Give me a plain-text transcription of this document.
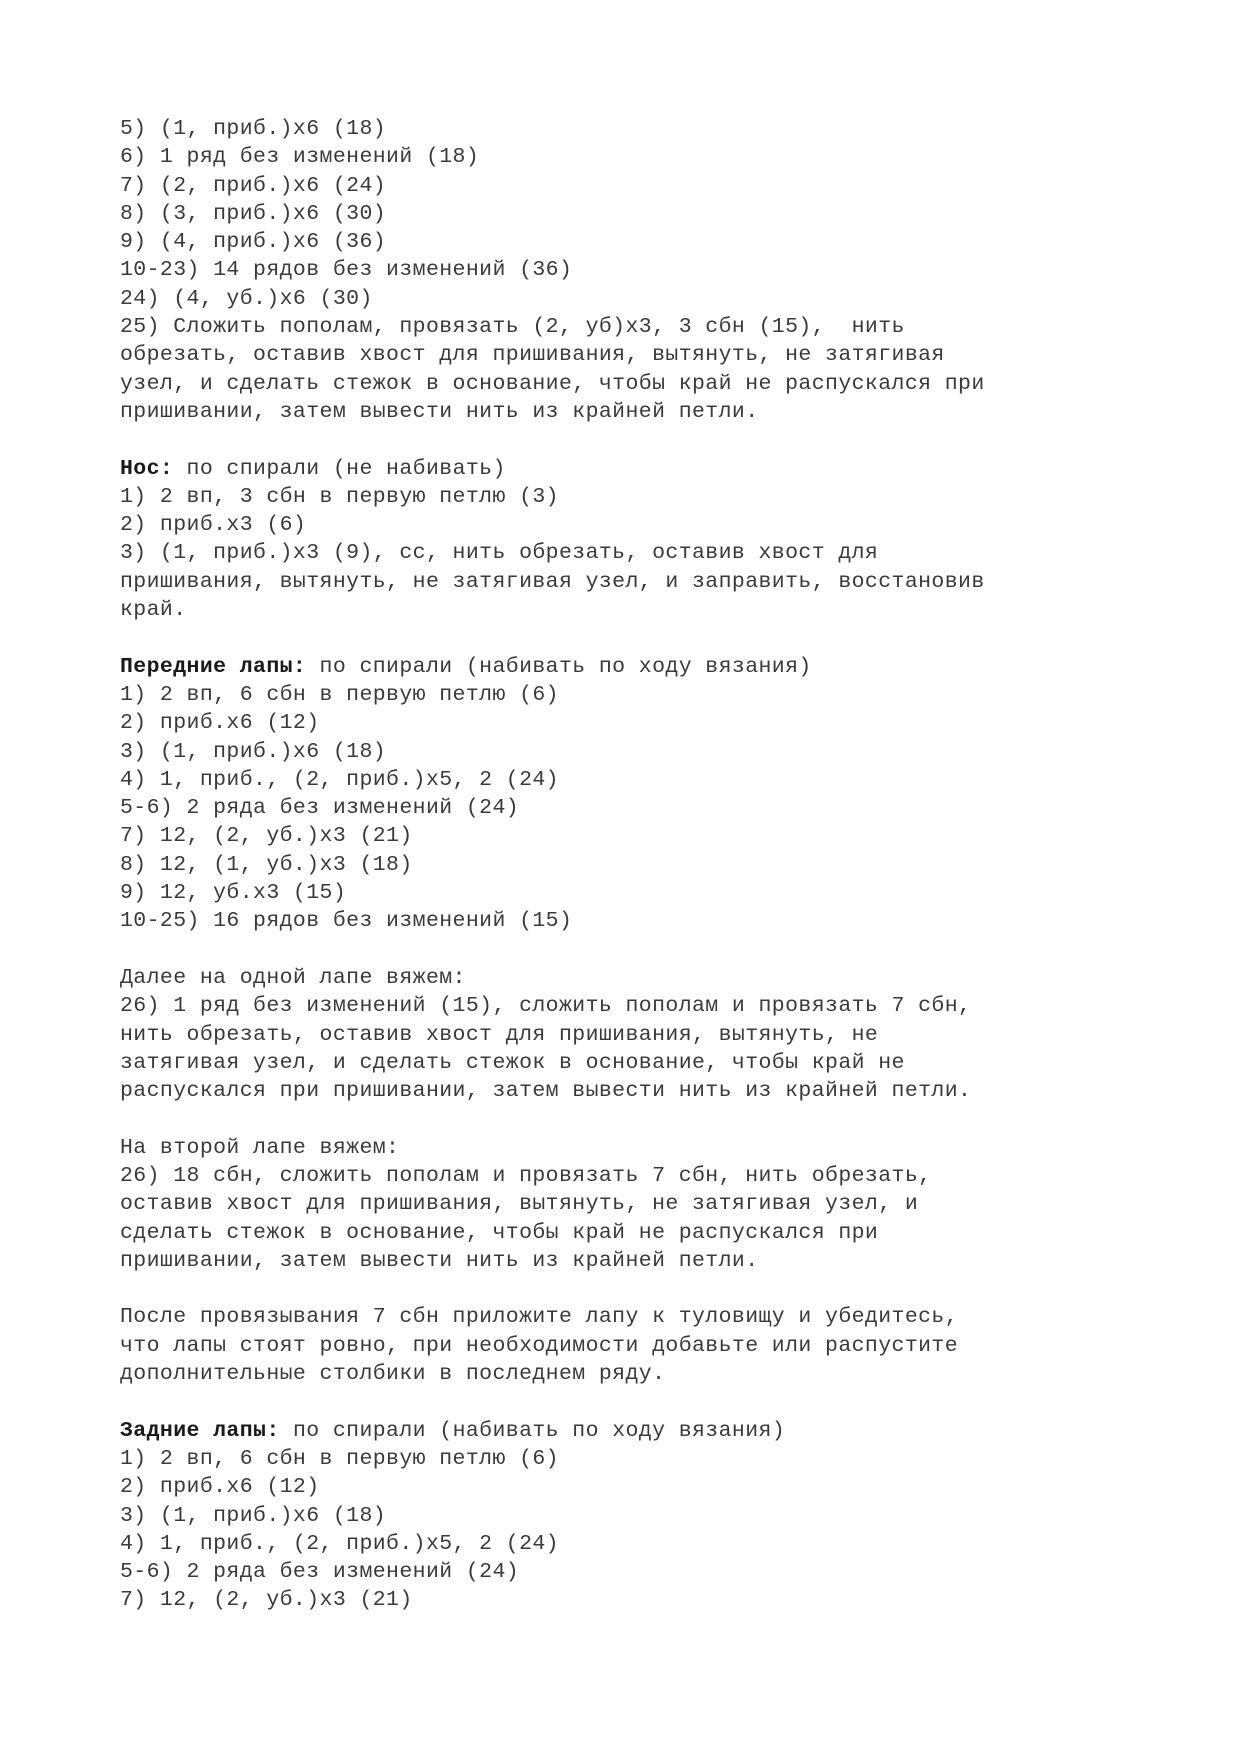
5) (1, приб.)x6 (18)
6) 1 ряд без изменений (18)
7) (2, приб.)x6 (24)
8) (3, приб.)x6 (30)
9) (4, приб.)x6 (36)
10-23) 14 рядов без изменений (36)
24) (4, уб.)x6 (30)
25) Сложить пополам, провязать (2, уб)x3, 3 сбн (15),  нить
обрезать, оставив хвост для пришивания, вытянуть, не затягивая
узел, и сделать стежок в основание, чтобы край не распускался при
пришивании, затем вывести нить из крайней петли.
Нос: по спирали (не набивать)
1) 2 вп, 3 сбн в первую петлю (3)
2) приб.x3 (6)
3) (1, приб.)x3 (9), сс, нить обрезать, оставив хвост для
пришивания, вытянуть, не затягивая узел, и заправить, восстановив
край.
Передние лапы: по спирали (набивать по ходу вязания)
1) 2 вп, 6 сбн в первую петлю (6)
2) приб.x6 (12)
3) (1, приб.)x6 (18)
4) 1, приб., (2, приб.)x5, 2 (24)
5-6) 2 ряда без изменений (24)
7) 12, (2, уб.)x3 (21)
8) 12, (1, уб.)x3 (18)
9) 12, уб.x3 (15)
10-25) 16 рядов без изменений (15)
Далее на одной лапе вяжем:
26) 1 ряд без изменений (15), сложить пополам и провязать 7 сбн,
нить обрезать, оставив хвост для пришивания, вытянуть, не
затягивая узел, и сделать стежок в основание, чтобы край не
распускался при пришивании, затем вывести нить из крайней петли.
На второй лапе вяжем:
26) 18 сбн, сложить пополам и провязать 7 сбн, нить обрезать,
оставив хвост для пришивания, вытянуть, не затягивая узел, и
сделать стежок в основание, чтобы край не распускался при
пришивании, затем вывести нить из крайней петли.
После провязывания 7 сбн приложите лапу к туловищу и убедитесь,
что лапы стоят ровно, при необходимости добавьте или распустите
дополнительные столбики в последнем ряду.
Задние лапы: по спирали (набивать по ходу вязания)
1) 2 вп, 6 сбн в первую петлю (6)
2) приб.x6 (12)
3) (1, приб.)x6 (18)
4) 1, приб., (2, приб.)x5, 2 (24)
5-6) 2 ряда без изменений (24)
7) 12, (2, уб.)x3 (21)
